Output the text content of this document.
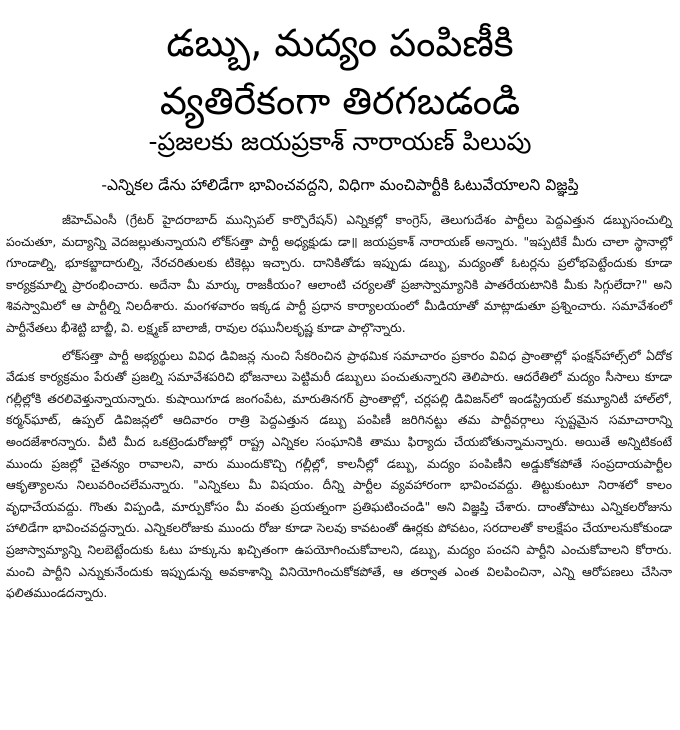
డబ్బు, మద్యం పంపిణీకి
వ్యతిరేకంగా తిరగబడండి
-ప్రజలకు జయప్రకాశ్ నారాయణ్ పిలుపు
-ఎన్నికల డేను హాలిడేగా భావించవద్దని, విధిగా మంచిపార్టీకి ఓటువేయాలని విజ్ఞప్తి

జీహెచ్ఎంసీ (గ్రేటర్ హైదరాబాద్ మున్సిపల్ కార్పొరేషన్) ఎన్నికల్లో కాంగ్రెస్, తెలుగుదేశం పార్టీలు పెద్దఎత్తున డబ్బుసంచుల్ని పంచుతూ, మద్యాన్ని వెదజల్లుతున్నాయని లోక్‌సత్తా పార్టీ అధ్యక్షుడు డా॥ జయప్రకాశ్ నారాయణ్ అన్నారు. "ఇప్పటికే మీరు చాలా స్థానాల్లో గూండాల్ని, భూకబ్జాదారుల్ని, నేరచరితులకు టికెట్లు ఇచ్చారు. దానికితోడు ఇప్పుడు డబ్బు, మద్యంతో ఓటర్లను ప్రలోభపెట్టేందుకు కూడా కార్యక్రమాల్ని ప్రారంభించారు. అదేనా మీ మార్కు రాజకీయం? ఆలాంటి చర్యలతో ప్రజాస్వామ్యానికి పాతరేయటానికి మీకు సిగ్గులేదా?" అని శివస్వామిలో ఆ పార్టీల్ని నిలదీశారు. మంగళవారం ఇక్కడ పార్టీ ప్రధాన కార్యాలయంలో మీడియాతో మాట్లాడుతూ ప్రశ్నించారు. సమావేశంలో పార్టీనేతలు భీశెట్టి బాబ్జీ, వి. లక్ష్మణ్ బాలాజీ, రావుల రఘునీలకృష్ణ కూడా పాల్గొన్నారు.

లోక్‌సత్తా పార్టీ అభ్యర్థులు వివిధ డివిజన్ల నుంచి సేకరించిన ప్రాథమిక సమాచారం ప్రకారం వివిధ ప్రాంతాల్లో ఫంక్షన్‌హాల్స్‌లో ఏదోక వేడుక కార్యక్రమం పేరుతో ప్రజల్ని సమావేశపరిచి భోజనాలు పెట్టిమరీ డబ్బులు పంచుతున్నారని తెలిపారు. ఆదరేతిలో మద్యం సీసాలు కూడా గల్లీల్లోకి తరలివెళ్తున్నాయన్నారు. కుషాయిగూడ జంగంపేట, మారుతినగర్ ప్రాంతాల్లో, చర్లపల్లి డివిజన్‌లో ఇండస్ట్రియల్ కమ్యూనిటీ హాల్‌లో, కర్మన్‌ఘాట్, ఉప్పల్ డివిజన్లలో ఆదివారం రాత్రి పెద్దఎత్తున డబ్బు పంపిణీ జరిగినట్టు తమ పార్టీవర్గాలు స్పష్టమైన సమాచారాన్ని అందజేశారన్నారు. వీటి మీద ఒకట్రెండురోజుల్లో రాష్ట్ర ఎన్నికల సంఘానికి తాము ఫిర్యాదు చేయబోతున్నామన్నారు. అయితే అన్నిటికంటే ముందు ప్రజల్లో చైతన్యం రావాలని, వారు ముందుకొచ్చి గల్లీల్లో, కాలనీల్లో డబ్బు, మద్యం పంపిణీని అడ్డుకోకపోతే సంప్రదాయపార్టీల ఆకృత్యాలను నిలువరించలేమన్నారు. "ఎన్నికలు మీ విషయం. దీన్ని పార్టీల వ్యవహారంగా భావించవద్దు. తిట్టుకుంటూ నిరాశలో కాలం వృధాచేయవద్దు. గొంతు విప్పండి, మార్పుకోసం మీ వంతు ప్రయత్నంగా ప్రతిఘటించండి" అని విజ్ఞప్తి చేశారు. దాంతోపాటు ఎన్నికలరోజును హాలిడేగా భావించవద్దన్నారు. ఎన్నికలరోజుకు ముందు రోజు కూడా సెలవు కావటంతో ఊర్లకు పోవటం, సరదాలతో కాలక్షేపం చేయాలనుకోకుండా ప్రజాస్వామ్యాన్ని నిలబెట్టేందుకు ఓటు హక్కును ఖచ్చితంగా ఉపయోగించుకోవాలని, డబ్బు, మద్యం పంచని పార్టీని ఎంచుకోవాలని కోరారు. మంచి పార్టీని ఎన్నుకునేందుకు ఇప్పుడున్న అవకాశాన్ని వినియోగించుకోకపోతే, ఆ తర్వాత ఎంత విలపించినా, ఎన్ని ఆరోపణలు చేసినా ఫలితముండదన్నారు.
